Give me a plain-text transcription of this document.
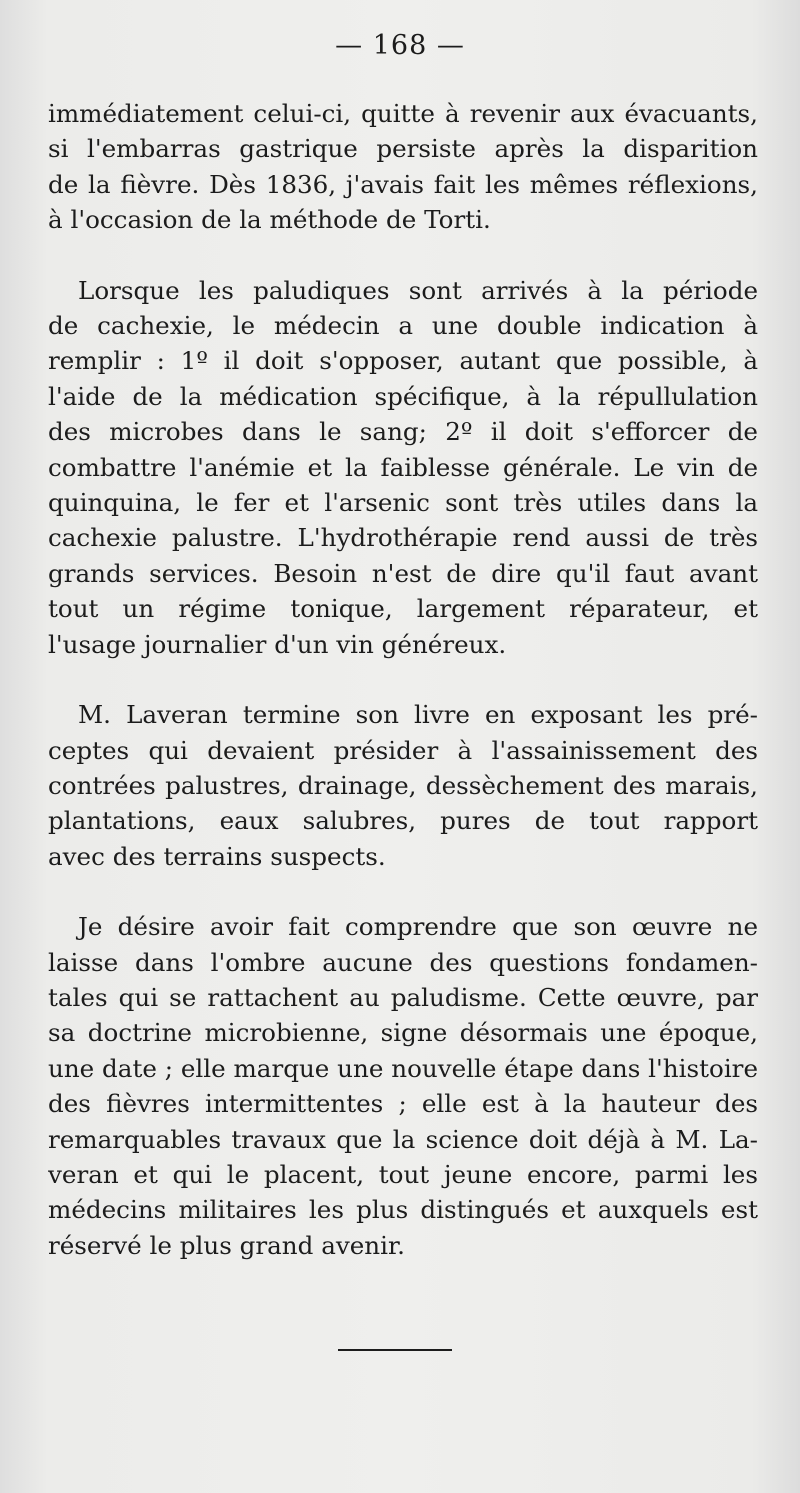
— 168 —

immédiatement celui-ci, quitte à revenir aux évacuants,
si l'embarras gastrique persiste après la disparition
de la fièvre. Dès 1836, j'avais fait les mêmes réflexions,
à l'occasion de la méthode de Torti.

Lorsque les paludiques sont arrivés à la période
de cachexie, le médecin a une double indication à
remplir : 1º il doit s'opposer, autant que possible, à
l'aide de la médication spécifique, à la répullulation
des microbes dans le sang; 2º il doit s'efforcer de
combattre l'anémie et la faiblesse générale. Le vin de
quinquina, le fer et l'arsenic sont très utiles dans la
cachexie palustre. L'hydrothérapie rend aussi de très
grands services. Besoin n'est de dire qu'il faut avant
tout un régime tonique, largement réparateur, et
l'usage journalier d'un vin généreux.

M. Laveran termine son livre en exposant les pré-
ceptes qui devaient présider à l'assainissement des
contrées palustres, drainage, dessèchement des marais,
plantations, eaux salubres, pures de tout rapport
avec des terrains suspects.

Je désire avoir fait comprendre que son œuvre ne
laisse dans l'ombre aucune des questions fondamen-
tales qui se rattachent au paludisme. Cette œuvre, par
sa doctrine microbienne, signe désormais une époque,
une date ; elle marque une nouvelle étape dans l'histoire
des fièvres intermittentes ; elle est à la hauteur des
remarquables travaux que la science doit déjà à M. La-
veran et qui le placent, tout jeune encore, parmi les
médecins militaires les plus distingués et auxquels est
réservé le plus grand avenir.
